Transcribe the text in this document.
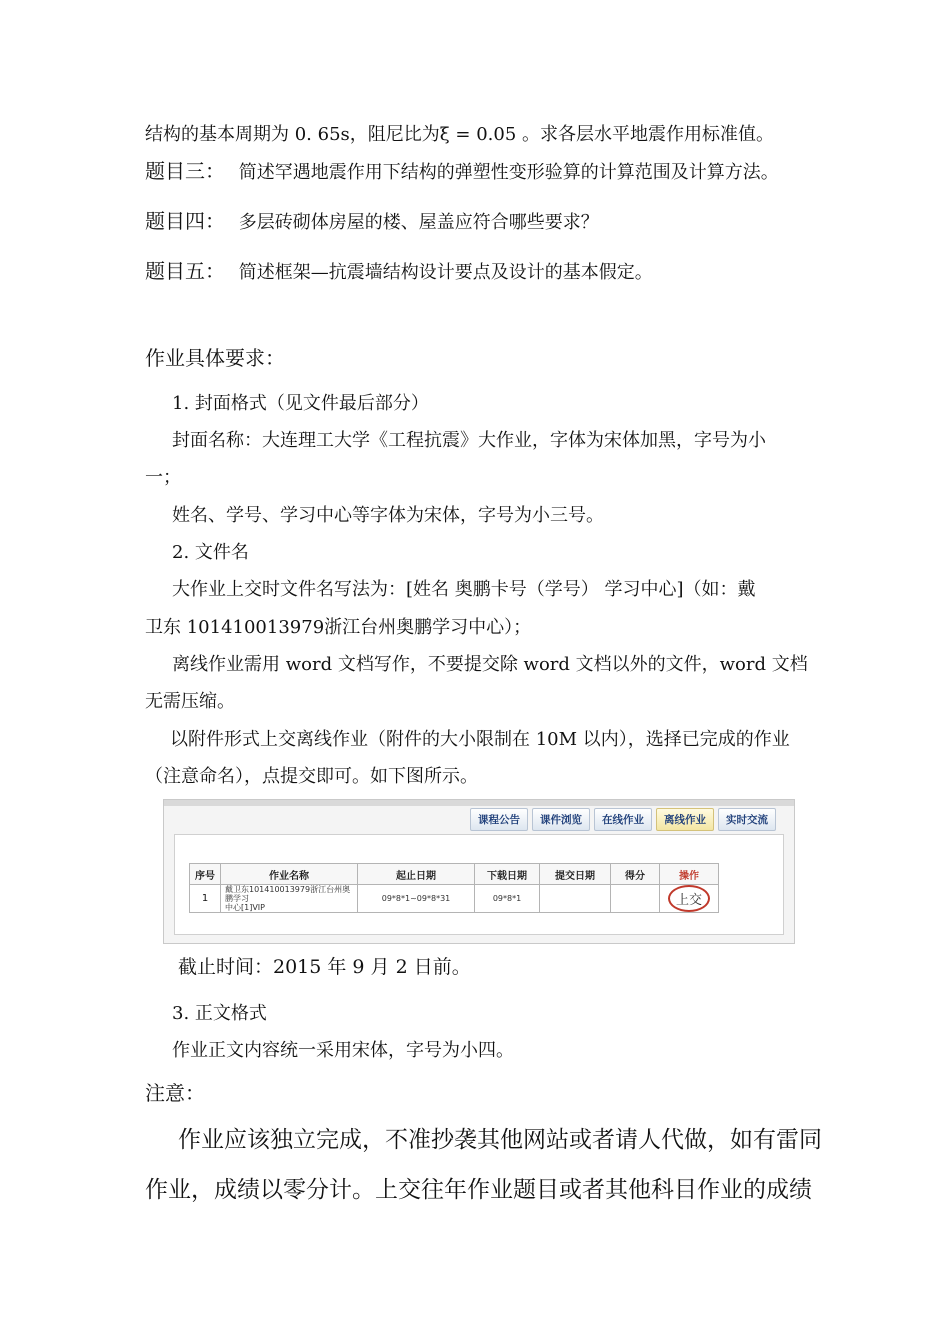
结构的基本周期为 0. 65s，阻尼比为ξ = 0.05 。求各层水平地震作用标准值。
题目三： 简述罕遇地震作用下结构的弹塑性变形验算的计算范围及计算方法。
题目四： 多层砖砌体房屋的楼、屋盖应符合哪些要求？
题目五： 简述框架—抗震墙结构设计要点及设计的基本假定。
作业具体要求：
1. 封面格式（见文件最后部分）
封面名称：大连理工大学《工程抗震》大作业，字体为宋体加黑，字号为小
一；
姓名、学号、学习中心等字体为宋体，字号为小三号。
2. 文件名
大作业上交时文件名写法为：[姓名 奥鹏卡号（学号） 学习中心]（如：戴
卫东 101410013979浙江台州奥鹏学习中心）；
离线作业需用 word 文档写作，不要提交除 word 文档以外的文件，word 文档
无需压缩。
以附件形式上交离线作业（附件的大小限制在 10M 以内），选择已完成的作业
（注意命名），点提交即可。如下图所示。
课程公告	课件浏览	在线作业	离线作业	实时交流
序号	作业名称	起止日期	下载日期	提交日期	得分	操作
1	戴卫东101410013979浙江台州奥鹏学习
中心[1]VIP	09*8*1~09*8*31	09*8*1			上交
截止时间：2015 年 9 月 2 日前。
3. 正文格式
作业正文内容统一采用宋体，字号为小四。
注意：
作业应该独立完成，不准抄袭其他网站或者请人代做，如有雷同
作业，成绩以零分计。上交往年作业题目或者其他科目作业的成绩
